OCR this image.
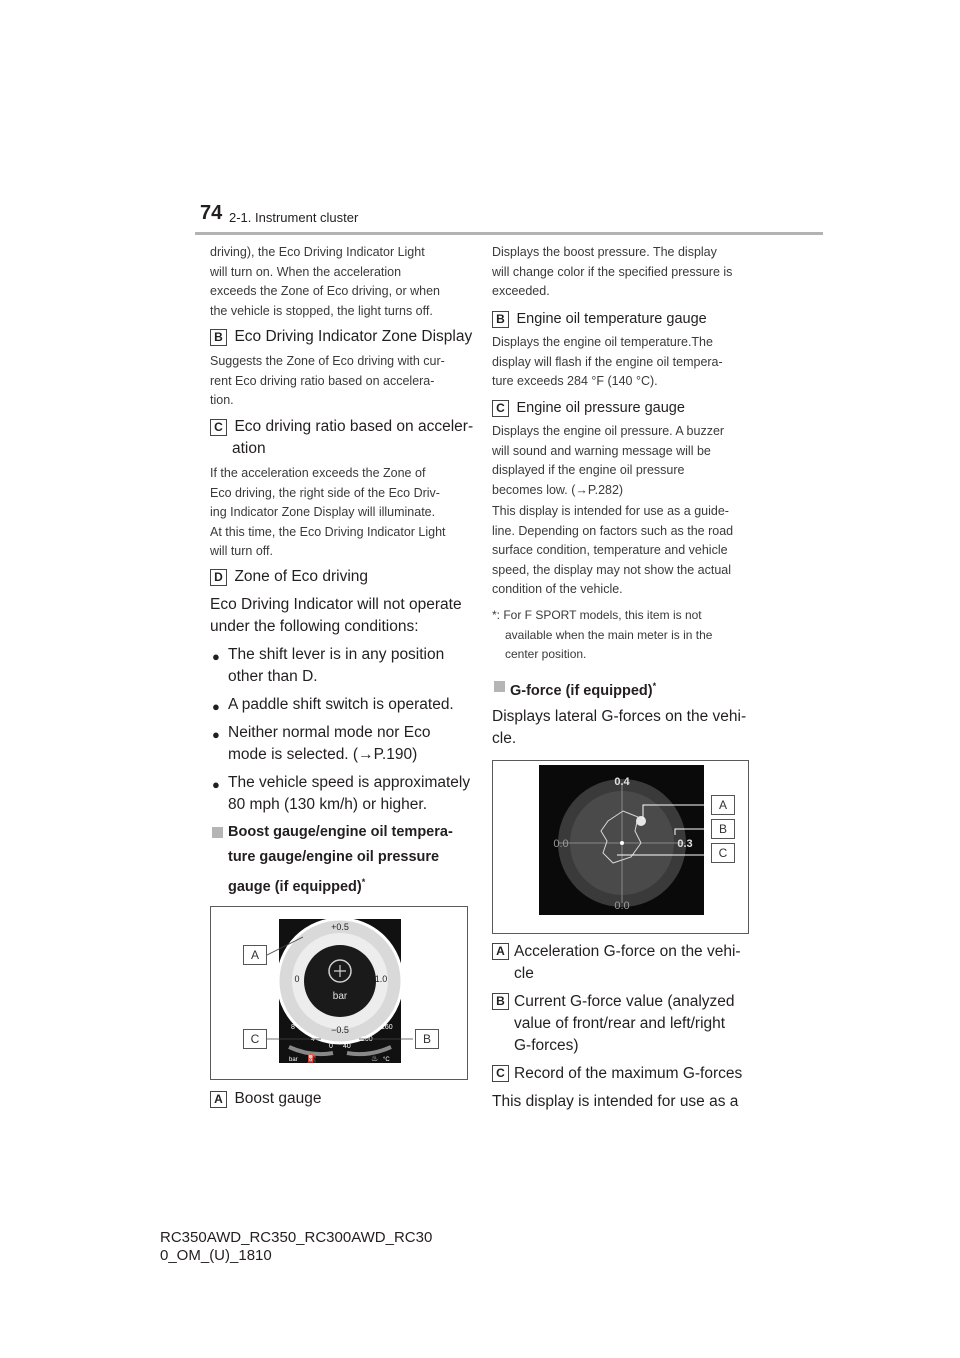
74 2-1. Instrument cluster
driving), the Eco Driving Indicator Light
will turn on. When the acceleration
exceeds the Zone of Eco driving, or when
the vehicle is stopped, the light turns off.
B Eco Driving Indicator Zone Display
Suggests the Zone of Eco driving with cur-
rent Eco driving ratio based on accelera-
tion.
C Eco driving ratio based on acceler-
ation
If the acceleration exceeds the Zone of
Eco driving, the right side of the Eco Driv-
ing Indicator Zone Display will illuminate.
At this time, the Eco Driving Indicator Light
will turn off.
D Zone of Eco driving
Eco Driving Indicator will not operate
under the following conditions:
● The shift lever is in any position
other than D.
● A paddle shift switch is operated.
● Neither normal mode nor Eco
mode is selected. (→P.190)
● The vehicle speed is approximately
80 mph (130 km/h) or higher.
Boost gauge/engine oil tempera-
ture gauge/engine oil pressure
gauge (if equipped)*
bar
+0.5
0	1.0
−0.5
8
4
0 40
100
160
bar ⛽	♨ °C
A
C	B
A Boost gauge
Displays the boost pressure. The display
will change color if the specified pressure is
exceeded.
B Engine oil temperature gauge
Displays the engine oil temperature.The
display will flash if the engine oil tempera-
ture exceeds 284 °F (140 °C).
C Engine oil pressure gauge
Displays the engine oil pressure. A buzzer
will sound and warning message will be
displayed if the engine oil pressure
becomes low. (→P.282)
This display is intended for use as a guide-
line. Depending on factors such as the road
surface condition, temperature and vehicle
speed, the display may not show the actual
condition of the vehicle.
*: For F SPORT models, this item is not
available when the main meter is in the
center position.
G-force (if equipped)*
Displays lateral G-forces on the vehi-
cle.
0.4
0.0	0.3
0.0
A
B
C
A Acceleration G-force on the vehi-
cle
B Current G-force value (analyzed
value of front/rear and left/right
G-forces)
C Record of the maximum G-forces
This display is intended for use as a
RC350AWD_RC350_RC300AWD_RC30
0_OM_(U)_1810
